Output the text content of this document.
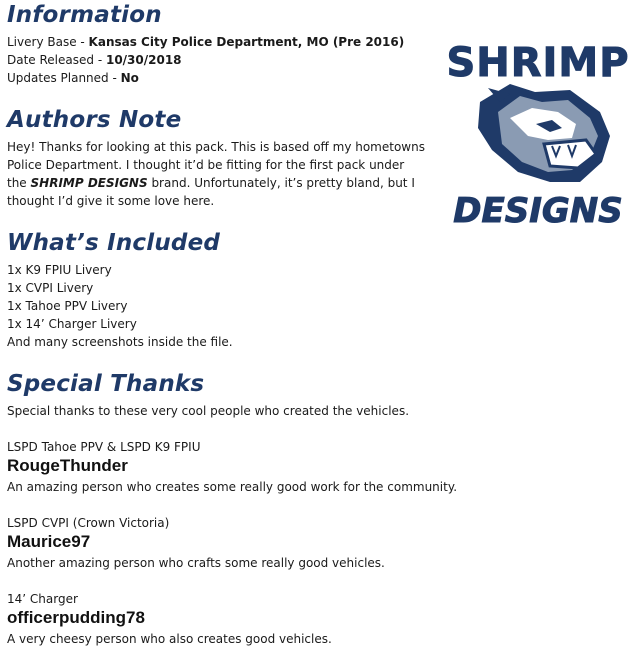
Information
Livery Base - Kansas City Police Department, MO (Pre 2016)
Date Released - 10/30/2018
Updates Planned - No
Authors Note
Hey! Thanks for looking at this pack. This is based off my hometowns Police Department. I thought it’d be fitting for the first pack under the SHRIMP DESIGNS brand. Unfortunately, it’s pretty bland, but I thought I’d give it some love here.
What’s Included
1x K9 FPIU Livery
1x CVPI Livery
1x Tahoe PPV Livery
1x 14’ Charger Livery
And many screenshots inside the file.
Special Thanks
Special thanks to these very cool people who created the vehicles.
LSPD Tahoe PPV & LSPD K9 FPIU
RougeThunder
An amazing person who creates some really good work for the community.
LSPD CVPI (Crown Victoria)
Maurice97
Another amazing person who crafts some really good vehicles.
14’ Charger
officerpudding78
A very cheesy person who also creates good vehicles.
SHRIMP
DESIGNS
